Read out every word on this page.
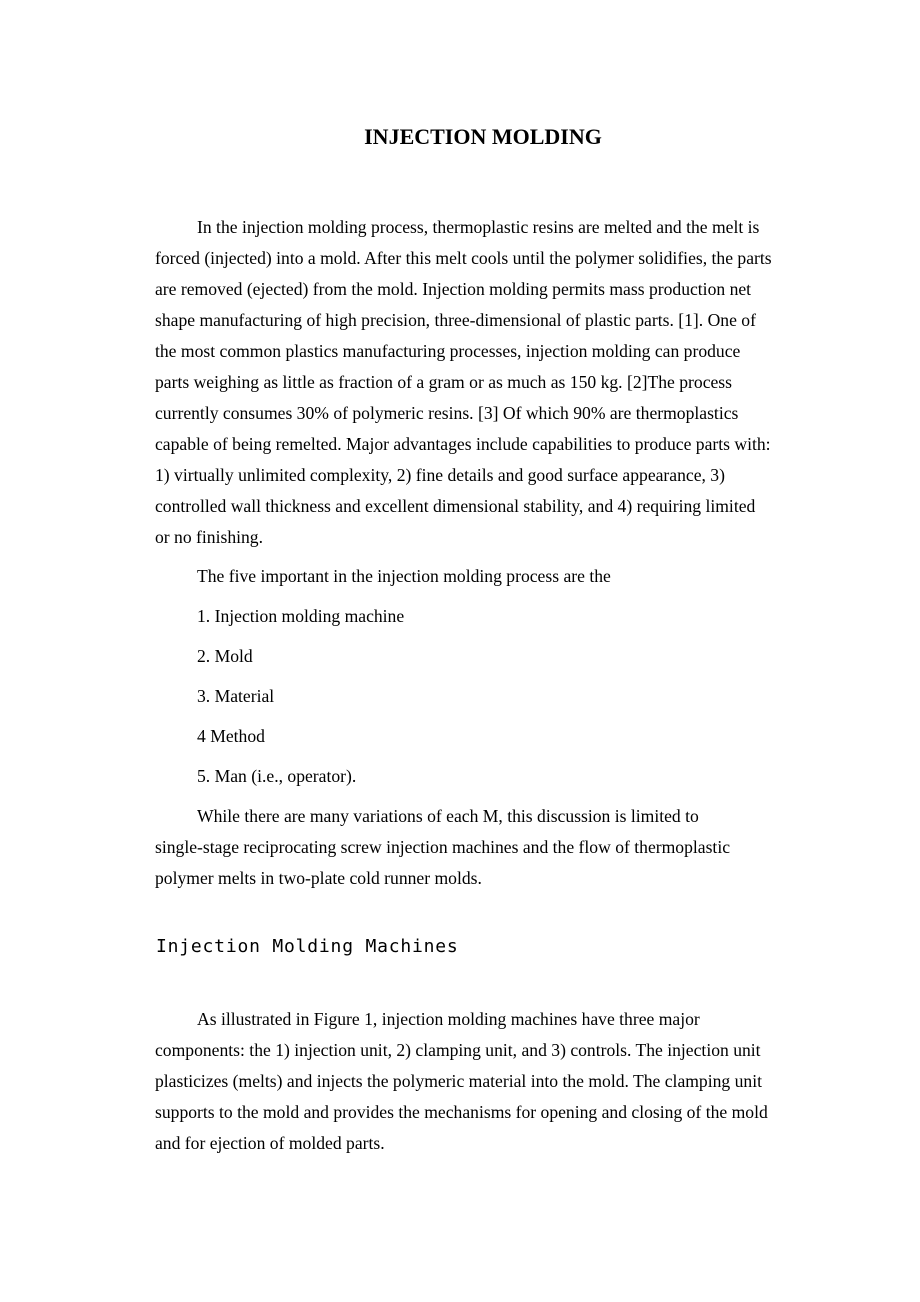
INJECTION MOLDING
In the injection molding process, thermoplastic resins are melted and the melt is
forced (injected) into a mold. After this melt cools until the polymer solidifies, the parts
are removed (ejected) from the mold. Injection molding permits mass production net
shape manufacturing of high precision, three-dimensional of plastic parts. [1]. One of
the most common plastics manufacturing processes, injection molding can produce
parts weighing as little as fraction of a gram or as much as 150 kg. [2]The process
currently consumes 30% of polymeric resins. [3] Of which 90% are thermoplastics
capable of being remelted. Major advantages include capabilities to produce parts with:
1) virtually unlimited complexity, 2) fine details and good surface appearance, 3)
controlled wall thickness and excellent dimensional stability, and 4) requiring limited
or no finishing.
The five important in the injection molding process are the
1. Injection molding machine
2. Mold
3. Material
4 Method
5. Man (i.e., operator).
While there are many variations of each M, this discussion is limited to
single-stage reciprocating screw injection machines and the flow of thermoplastic
polymer melts in two-plate cold runner molds.
Injection Molding Machines
As illustrated in Figure 1, injection molding machines have three major
components: the 1) injection unit, 2) clamping unit, and 3) controls. The injection unit
plasticizes (melts) and injects the polymeric material into the mold. The clamping unit
supports to the mold and provides the mechanisms for opening and closing of the mold
and for ejection of molded parts.
